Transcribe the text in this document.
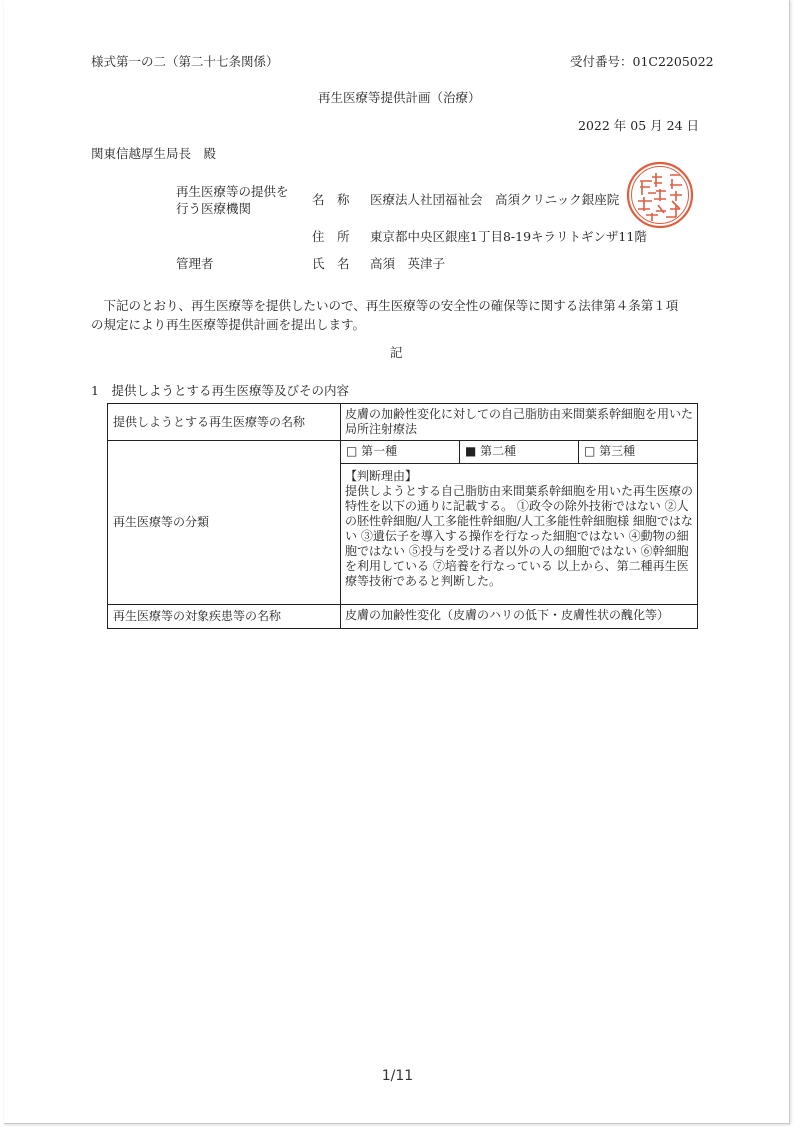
様式第一の二（第二十七条関係）	受付番号：01C2205022
再生医療等提供計画（治療）
2022 年 05 月 24 日
関東信越厚生局長　殿
再生医療等の提供を
行う医療機関
名　称 医療法人社団福祉会　高須クリニック銀座院
住　所 東京都中央区銀座1丁目8-19キラリトギンザ11階
管理者	氏　名 高須　英津子
　下記のとおり、再生医療等を提供したいので、再生医療等の安全性の確保等に関する法律第４条第１項
の規定により再生医療等提供計画を提出します。
記
1　提供しようとする再生医療等及びその内容
提供しようとする再生医療等の名称	皮膚の加齢性変化に対しての自己脂肪由来間葉系幹細胞を用いた局所注射療法
再生医療等の分類	□ 第一種 ■ 第二種 □ 第三種
【判断理由】
提供しようとする自己脂肪由来間葉系幹細胞を用いた再生医療の特性を以下の通りに記載する。 ①政令の除外技術ではない ②人の胚性幹細胞/人工多能性幹細胞/人工多能性幹細胞様 細胞ではない ③遺伝子を導入する操作を行なった細胞ではない ④動物の細胞ではない ⑤投与を受ける者以外の人の細胞ではない ⑥幹細胞を利用している ⑦培養を行なっている 以上から、第二種再生医療等技術であると判断した。

再生医療等の対象疾患等の名称	皮膚の加齢性変化（皮膚のハリの低下・皮膚性状の醜化等）
1/11
